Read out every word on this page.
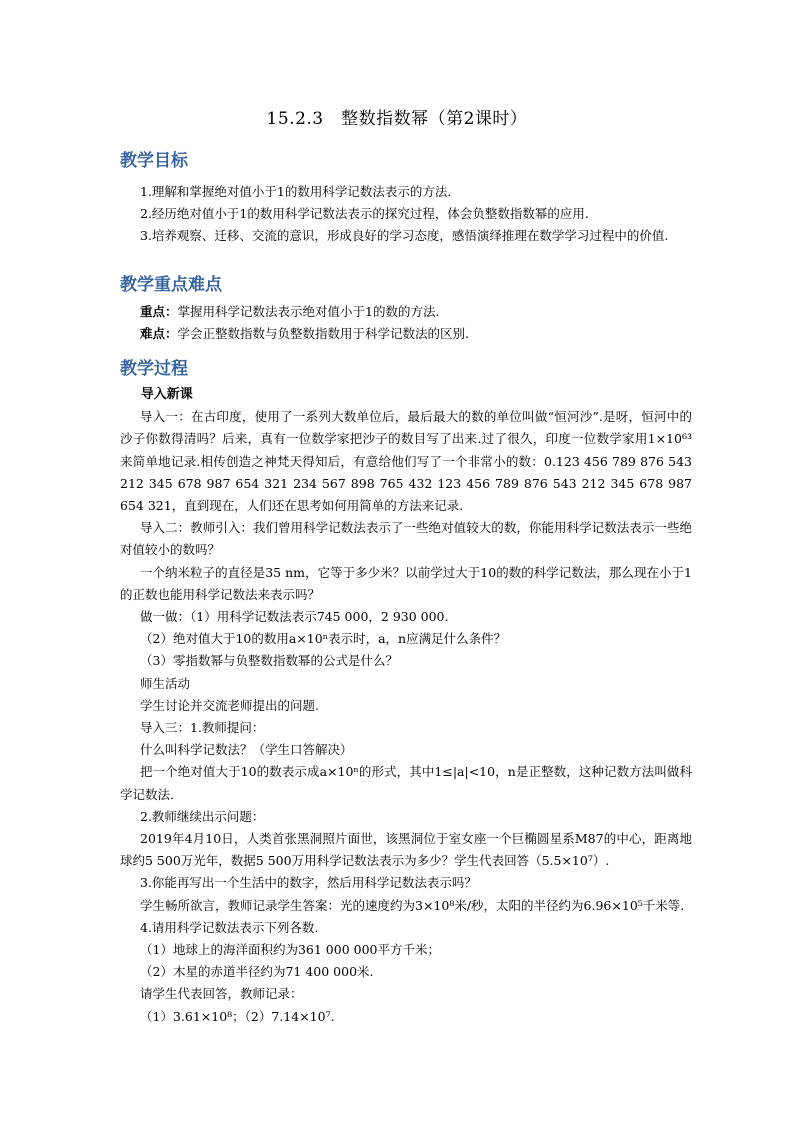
15.2.3　整数指数幂（第2课时）
教学目标

1.理解和掌握绝对值小于1的数用科学记数法表示的方法.

2.经历绝对值小于1的数用科学记数法表示的探究过程，体会负整数指数幂的应用.

3.培养观察、迁移、交流的意识，形成良好的学习态度，感悟演绎推理在数学学习过程中的价值.

教学重点难点

重点：掌握用科学记数法表示绝对值小于1的数的方法.

难点：学会正整数指数与负整数指数用于科学记数法的区别.

教学过程

导入新课

导入一：在古印度，使用了一系列大数单位后，最后最大的数的单位叫做“恒河沙”.是呀，恒河中的沙子你数得清吗？后来，真有一位数学家把沙子的数目写了出来.过了很久，印度一位数学家用1×10⁶³来简单地记录.相传创造之神梵天得知后，有意给他们写了一个非常小的数：0.123 456 789 876 543 212 345 678 987 654 321 234 567 898 765 432 123 456 789 876 543 212 345 678 987 654 321，直到现在，人们还在思考如何用简单的方法来记录.

导入二：教师引入：我们曾用科学记数法表示了一些绝对值较大的数，你能用科学记数法表示一些绝对值较小的数吗？

一个纳米粒子的直径是35 nm，它等于多少米？以前学过大于10的数的科学记数法，那么现在小于1的正数也能用科学记数法来表示吗？

做一做：（1）用科学记数法表示745 000，2 930 000.

（2）绝对值大于10的数用a×10ⁿ表示时，a，n应满足什么条件？

（3）零指数幂与负整数指数幂的公式是什么？

师生活动

学生讨论并交流老师提出的问题.

导入三：1.教师提问：

什么叫科学记数法？（学生口答解决）

把一个绝对值大于10的数表示成a×10ⁿ的形式，其中1≤|a|<10，n是正整数，这种记数方法叫做科学记数法.

2.教师继续出示问题：

2019年4月10日，人类首张黑洞照片面世，该黑洞位于室女座一个巨椭圆星系M87的中心，距离地球约5 500万光年，数据5 500万用科学记数法表示为多少？学生代表回答（5.5×10⁷）.

3.你能再写出一个生活中的数字，然后用科学记数法表示吗？

学生畅所欲言，教师记录学生答案：光的速度约为3×10⁸米/秒，太阳的半径约为6.96×10⁵千米等.

4.请用科学记数法表示下列各数.

（1）地球上的海洋面积约为361 000 000平方千米；

（2）木星的赤道半径约为71 400 000米.

请学生代表回答，教师记录：

（1）3.61×10⁸；（2）7.14×10⁷.
